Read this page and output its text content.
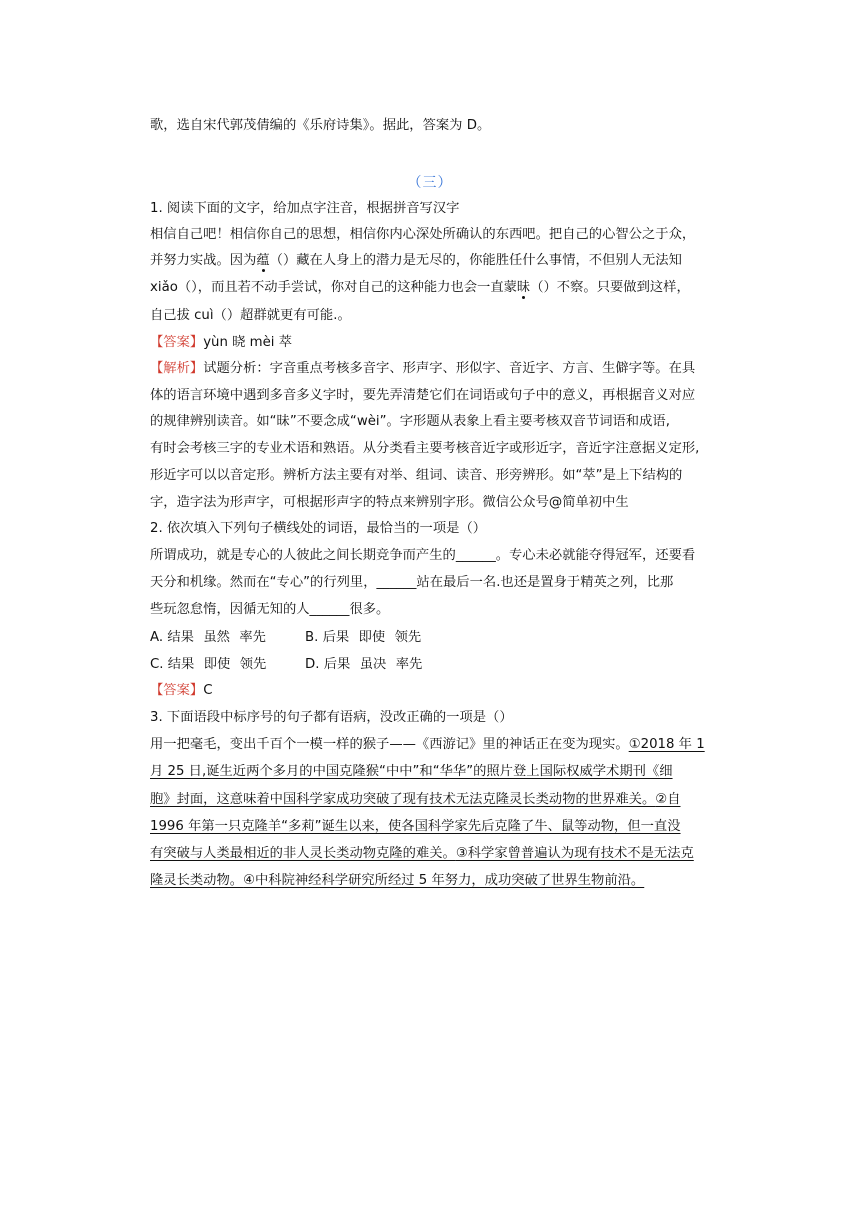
歌，选自宋代郭茂倩编的《乐府诗集》。据此，答案为 D。
（三）
1. 阅读下面的文字，给加点字注音，根据拼音写汉字
相信自己吧！相信你自己的思想，相信你内心深处所确认的东西吧。把自己的心智公之于众，
并努力实战。因为蕴（）藏在人身上的潜力是无尽的，你能胜任什么事情，不但别人无法知
xiǎo（），而且若不动手尝试，你对自己的这种能力也会一直蒙昧（）不察。只要做到这样，
自己拔 cuì（）超群就更有可能.。
【答案】yùn 晓 mèi 萃
【解析】试题分析：字音重点考核多音字、形声字、形似字、音近字、方言、生僻字等。在具
体的语言环境中遇到多音多义字时，要先弄清楚它们在词语或句子中的意义，再根据音义对应
的规律辨别读音。如“昧”不要念成“wèi”。字形题从表象上看主要考核双音节词语和成语,
有时会考核三字的专业术语和熟语。从分类看主要考核音近字或形近字，音近字注意据义定形,
形近字可以以音定形。辨析方法主要有对举、组词、读音、形旁辨形。如“萃”是上下结构的
字，造字法为形声字，可根据形声字的特点来辨别字形。微信公众号@简单初中生
2. 依次填入下列句子横线处的词语，最恰当的一项是（）
所谓成功，就是专心的人彼此之间长期竞争而产生的______。专心未必就能夺得冠军，还要看
天分和机缘。然而在“专心”的行列里，______站在最后一名.也还是置身于精英之列，比那
些玩忽怠惰，因循无知的人______很多。
A. 结果 虽然 率先	B. 后果 即使 领先
C. 结果 即使 领先	D. 后果 虽决 率先
【答案】C
3. 下面语段中标序号的句子都有语病，没改正确的一项是（）
用一把毫毛，变出千百个一模一样的猴子——《西游记》里的神话正在变为现实。①2018 年 1
月 25 日,诞生近两个多月的中国克隆猴“中中”和“华华”的照片登上国际权威学术期刊《细
胞》封面，这意味着中国科学家成功突破了现有技术无法克隆灵长类动物的世界难关。②自
1996 年第一只克隆羊“多莉”诞生以来，使各国科学家先后克隆了牛、鼠等动物，但一直没
有突破与人类最相近的非人灵长类动物克隆的难关。③科学家曾普遍认为现有技术不是无法克
隆灵长类动物。④中科院神经科学研究所经过 5 年努力，成功突破了世界生物前沿。
